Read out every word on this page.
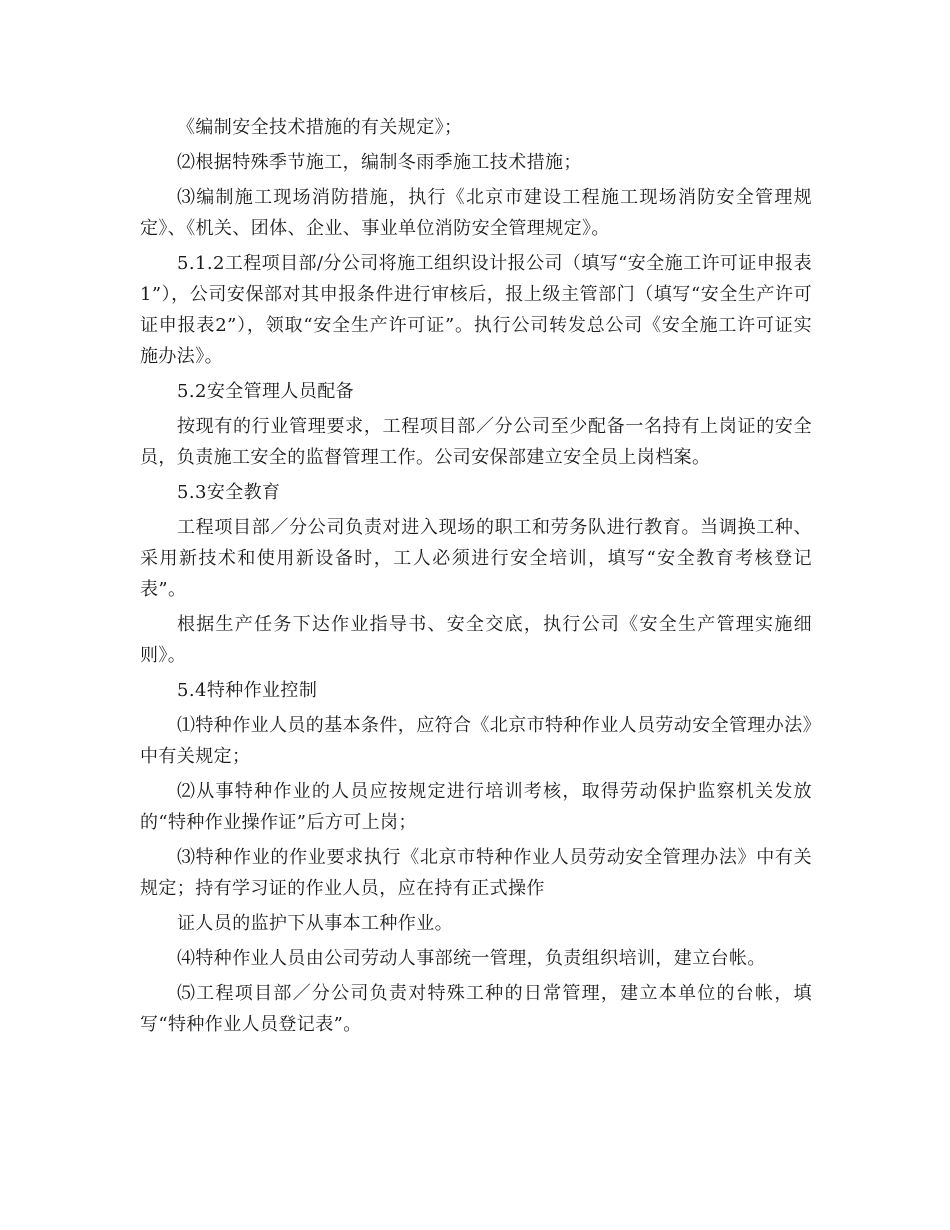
《编制安全技术措施的有关规定》；

⑵根据特殊季节施工，编制冬雨季施工技术措施；

⑶编制施工现场消防措施，执行《北京市建设工程施工现场消防安全管理规定》、《机关、团体、企业、事业单位消防安全管理规定》。

5.1.2工程项目部/分公司将施工组织设计报公司（填写“安全施工许可证申报表1”），公司安保部对其申报条件进行审核后，报上级主管部门（填写“安全生产许可证申报表2”），领取“安全生产许可证”。执行公司转发总公司《安全施工许可证实施办法》。

5.2安全管理人员配备

按现有的行业管理要求，工程项目部／分公司至少配备一名持有上岗证的安全员，负责施工安全的监督管理工作。公司安保部建立安全员上岗档案。

5.3安全教育

工程项目部／分公司负责对进入现场的职工和劳务队进行教育。当调换工种、采用新技术和使用新设备时，工人必须进行安全培训，填写“安全教育考核登记表”。

根据生产任务下达作业指导书、安全交底，执行公司《安全生产管理实施细则》。

5.4特种作业控制

⑴特种作业人员的基本条件，应符合《北京市特种作业人员劳动安全管理办法》中有关规定；

⑵从事特种作业的人员应按规定进行培训考核，取得劳动保护监察机关发放的“特种作业操作证”后方可上岗；

⑶特种作业的作业要求执行《北京市特种作业人员劳动安全管理办法》中有关规定；持有学习证的作业人员，应在持有正式操作

证人员的监护下从事本工种作业。

⑷特种作业人员由公司劳动人事部统一管理，负责组织培训，建立台帐。

⑸工程项目部／分公司负责对特殊工种的日常管理，建立本单位的台帐，填写“特种作业人员登记表”。
